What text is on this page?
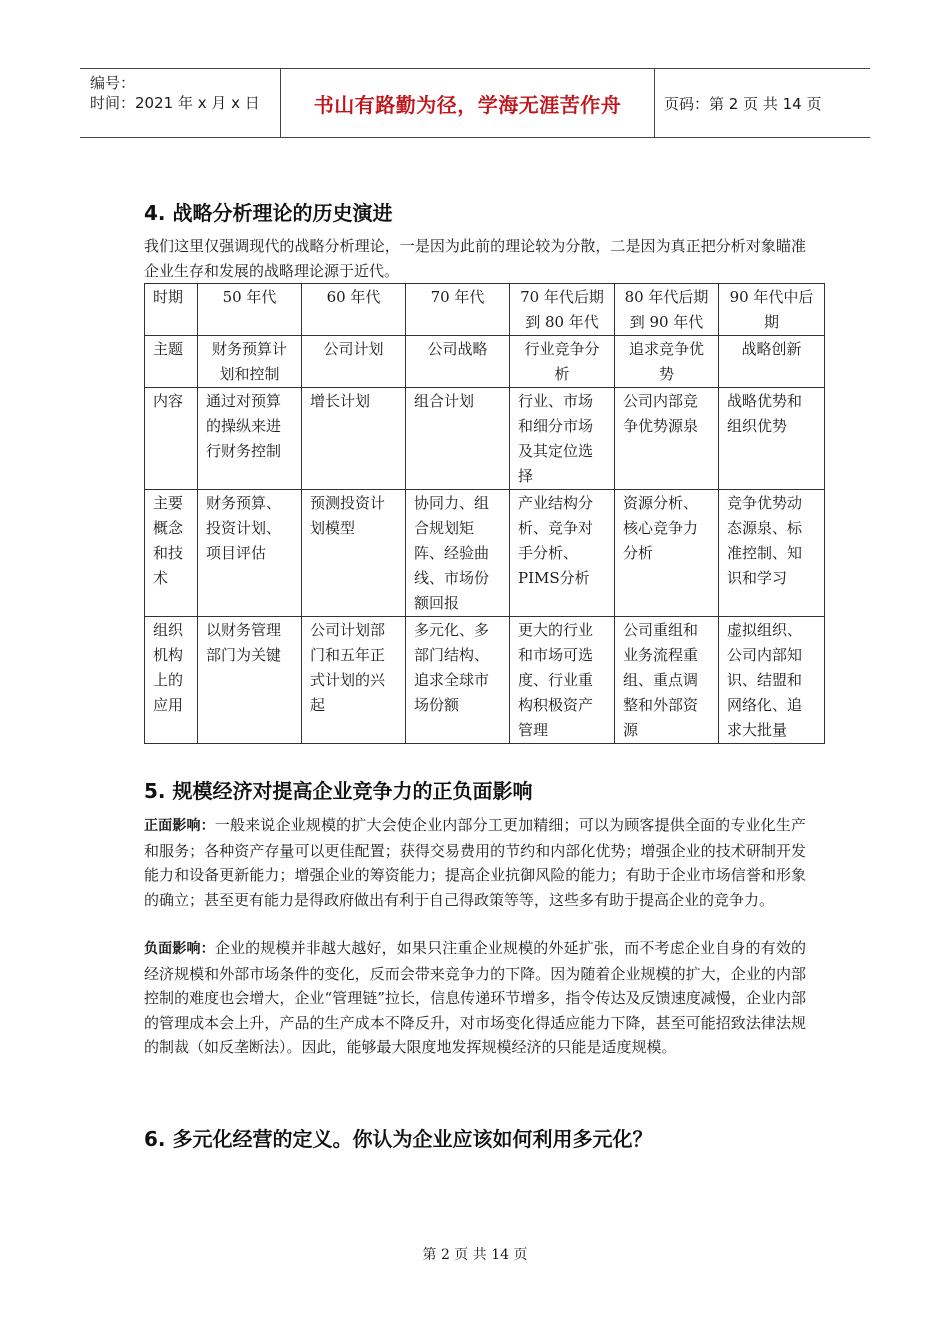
编号：
时间：2021 年 x 月 x 日	书山有路勤为径，学海无涯苦作舟	页码：第 2 页 共 14 页
4. 战略分析理论的历史演进

我们这里仅强调现代的战略分析理论，一是因为此前的理论较为分散，二是因为真正把分析对象瞄准企业生存和发展的战略理论源于近代。

时期	50 年代	60 年代	70 年代	70 年代后期到 80 年代	80 年代后期到 90 年代	90 年代中后期
主题	财务预算计划和控制	公司计划	公司战略	行业竞争分析	追求竞争优势	战略创新
内容	通过对预算的操纵来进行财务控制	增长计划	组合计划	行业、市场和细分市场及其定位选择	公司内部竞争优势源泉	战略优势和组织优势
主要概念和技术	财务预算、投资计划、项目评估	预测投资计划模型	协同力、组合规划矩阵、经验曲线、市场份额回报	产业结构分析、竞争对手分析、PIMS分析	资源分析、核心竞争力分析	竞争优势动态源泉、标准控制、知识和学习
组织机构上的应用	以财务管理部门为关键	公司计划部门和五年正式计划的兴起	多元化、多部门结构、追求全球市场份额	更大的行业和市场可选度、行业重构积极资产管理	公司重组和业务流程重组、重点调整和外部资源	虚拟组织、公司内部知识、结盟和网络化、追求大批量
5. 规模经济对提高企业竞争力的正负面影响

正面影响：一般来说企业规模的扩大会使企业内部分工更加精细；可以为顾客提供全面的专业化生产和服务；各种资产存量可以更佳配置；获得交易费用的节约和内部化优势；增强企业的技术研制开发能力和设备更新能力；增强企业的筹资能力；提高企业抗御风险的能力；有助于企业市场信誉和形象的确立；甚至更有能力是得政府做出有利于自己得政策等等，这些多有助于提高企业的竞争力。

负面影响：企业的规模并非越大越好，如果只注重企业规模的外延扩张，而不考虑企业自身的有效的经济规模和外部市场条件的变化，反而会带来竞争力的下降。因为随着企业规模的扩大，企业的内部控制的难度也会增大，企业“管理链”拉长，信息传递环节增多，指令传达及反馈速度减慢，企业内部的管理成本会上升，产品的生产成本不降反升，对市场变化得适应能力下降，甚至可能招致法律法规的制裁（如反垄断法）。因此，能够最大限度地发挥规模经济的只能是适度规模。

6. 多元化经营的定义。你认为企业应该如何利用多元化？
第 2 页 共 14 页
